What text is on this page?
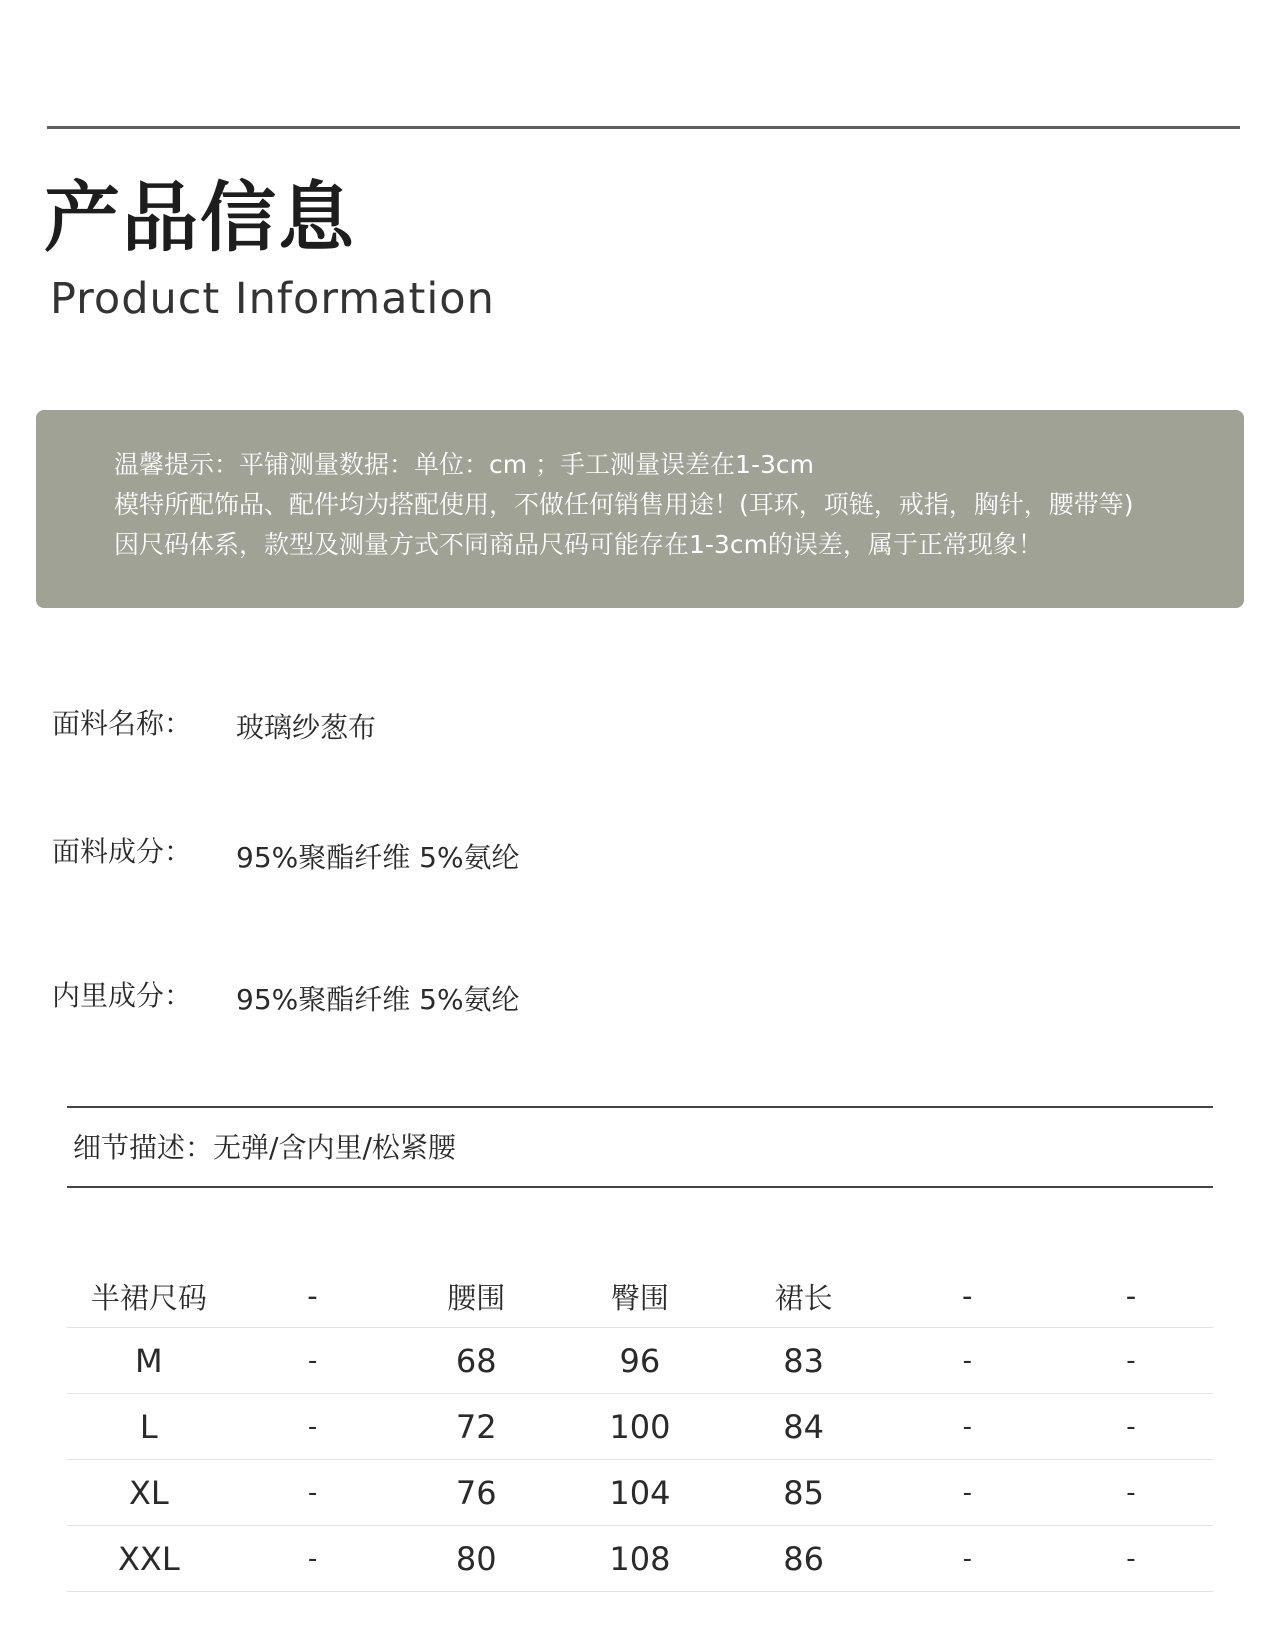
产品信息
Product Information
温馨提示：平铺测量数据：单位：cm ；手工测量误差在1-3cm
模特所配饰品、配件均为搭配使用，不做任何销售用途！(耳环，项链，戒指，胸针，腰带等)
因尺码体系，款型及测量方式不同商品尺码可能存在1-3cm的误差，属于正常现象！
面料名称： 玻璃纱葱布
面料成分： 95%聚酯纤维 5%氨纶
内里成分： 95%聚酯纤维 5%氨纶
细节描述：无弹/含内里/松紧腰
半裙尺码	-	腰围	臀围	裙长	-	-
M	-	68	96	83	-	-
L	-	72	100	84	-	-
XL	-	76	104	85	-	-
XXL	-	80	108	86	-	-
